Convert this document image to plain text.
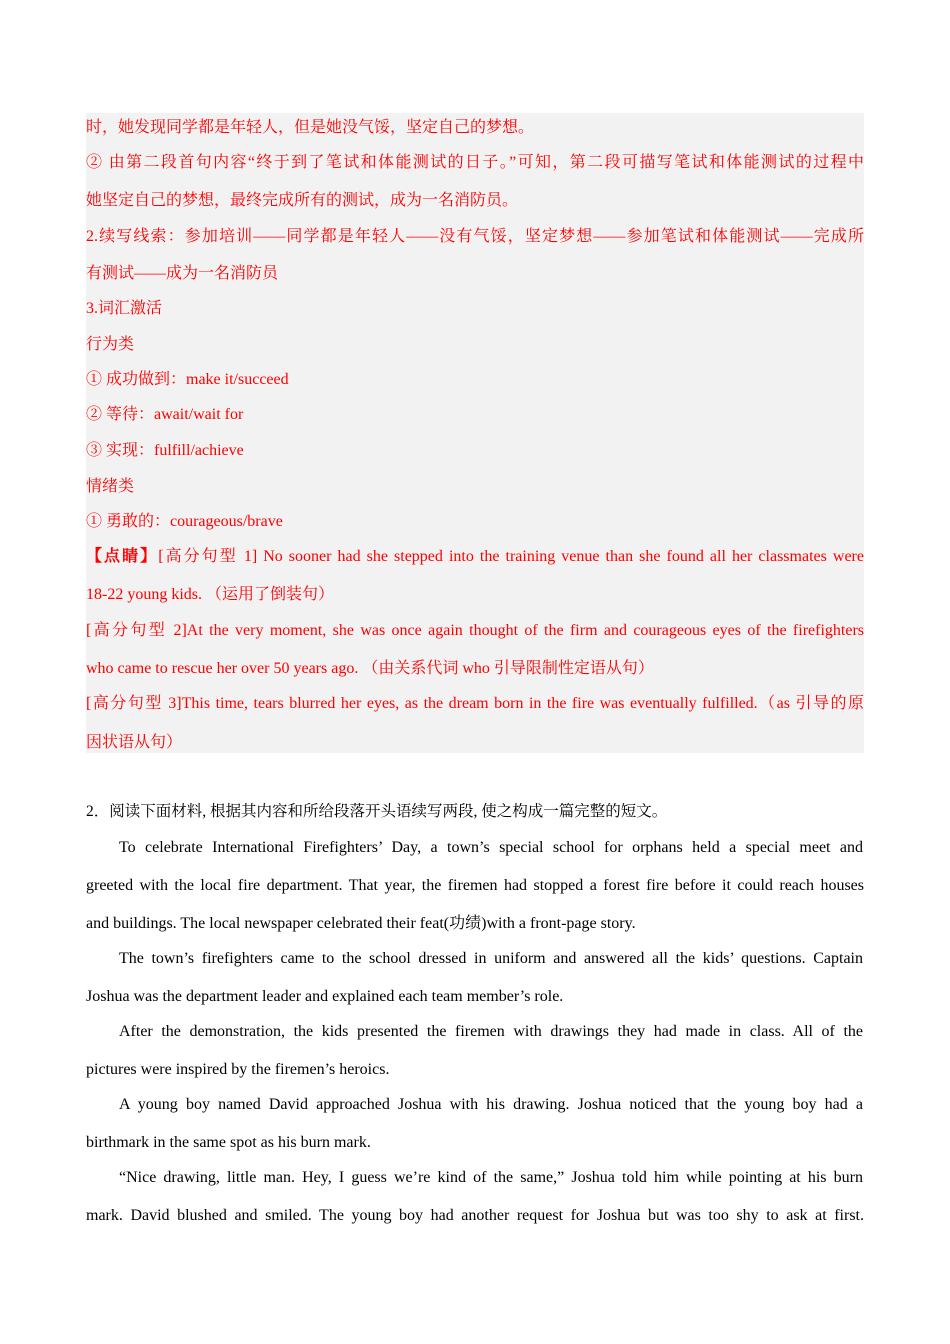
时，她发现同学都是年轻人，但是她没气馁，坚定自己的梦想。
② 由第二段首句内容“终于到了笔试和体能测试的日子。”可知，第二段可描写笔试和体能测试的过程中
她坚定自己的梦想，最终完成所有的测试，成为一名消防员。
2.续写线索：参加培训——同学都是年轻人——没有气馁，坚定梦想——参加笔试和体能测试——完成所
有测试——成为一名消防员
3.词汇激活
行为类
① 成功做到：make it/succeed
② 等待：await/wait for
③ 实现：fulfill/achieve
情绪类
① 勇敢的：courageous/brave
【点睛】[高分句型 1] No sooner had she stepped into the training venue than she found all her classmates were
18-22 young kids. （运用了倒装句）
[高分句型 2]At the very moment, she was once again thought of the firm and courageous eyes of the firefighters
who came to rescue her over 50 years ago. （由关系代词 who 引导限制性定语从句）
[高分句型 3]This time, tears blurred her eyes, as the dream born in the fire was eventually fulfilled.（as 引导的原
因状语从句）
2．阅读下面材料, 根据其内容和所给段落开头语续写两段, 使之构成一篇完整的短文。
To celebrate International Firefighters’ Day, a town’s special school for orphans held a special meet and
greeted with the local fire department. That year, the firemen had stopped a forest fire before it could reach houses
and buildings. The local newspaper celebrated their feat(功绩)with a front-page story.
The town’s firefighters came to the school dressed in uniform and answered all the kids’ questions. Captain
Joshua was the department leader and explained each team member’s role.
After the demonstration, the kids presented the firemen with drawings they had made in class. All of the
pictures were inspired by the firemen’s heroics.
A young boy named David approached Joshua with his drawing. Joshua noticed that the young boy had a
birthmark in the same spot as his burn mark.
“Nice drawing, little man. Hey, I guess we’re kind of the same,” Joshua told him while pointing at his burn
mark. David blushed and smiled. The young boy had another request for Joshua but was too shy to ask at first.
